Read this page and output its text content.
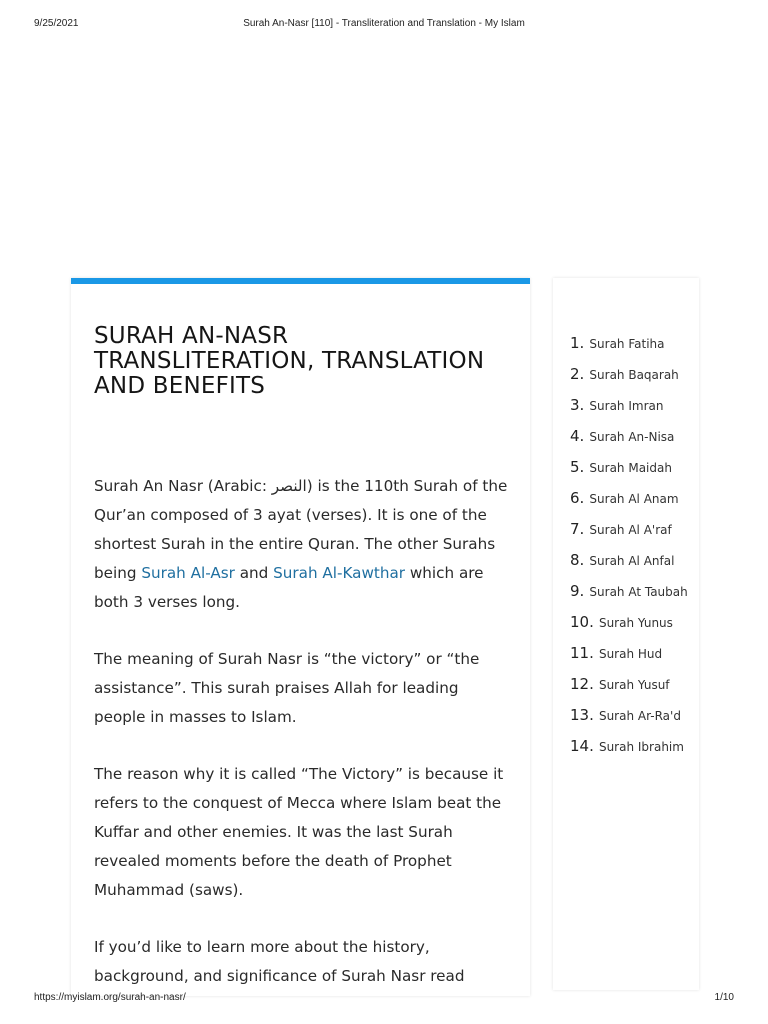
9/25/2021	Surah An-Nasr [110] - Transliteration and Translation - My Islam
SURAH AN-NASR TRANSLITERATION, TRANSLATION AND BENEFITS

Surah An Nasr (Arabic: النصر) is the 110th Surah of the Qur’an composed of 3 ayat (verses). It is one of the shortest Surah in the entire Quran. The other Surahs being Surah Al-Asr and Surah Al-Kawthar which are both 3 verses long.

The meaning of Surah Nasr is “the victory” or “the assistance”. This surah praises Allah for leading people in masses to Islam.

The reason why it is called “The Victory” is because it refers to the conquest of Mecca where Islam beat the Kuffar and other enemies. It was the last Surah revealed moments before the death of Prophet Muhammad (saws).

If you’d like to learn more about the history, background, and significance of Surah Nasr read

1. Surah Fatiha
2. Surah Baqarah
3. Surah Imran
4. Surah An-Nisa
5. Surah Maidah
6. Surah Al Anam
7. Surah Al A'raf
8. Surah Al Anfal
9. Surah At Taubah
10. Surah Yunus
11. Surah Hud
12. Surah Yusuf
13. Surah Ar-Ra'd
14. Surah Ibrahim
https://myislam.org/surah-an-nasr/	1/10
